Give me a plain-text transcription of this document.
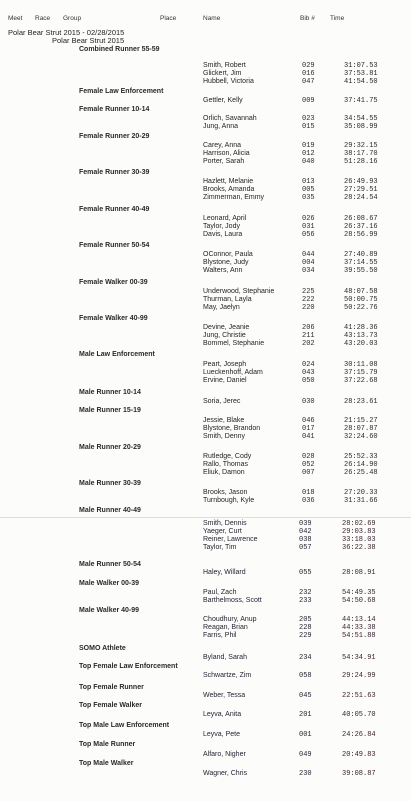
Meet Race Group	Place	Name	Bib # Time
Polar Bear Strut 2015 - 02/28/2015
Polar Bear Strut 2015
Combined Runner 55-59
Smith, Robert	029	31:07.53
Glickert, Jim	016	37:53.81
Hubbell, Victoria	047	41:54.50
Female Law Enforcement
Gettler, Kelly	009	37:41.75
Female Runner 10-14
Orlich, Savannah	023	34:54.55
Jung, Anna	015	35:08.99
Female Runner 20-29
Carey, Anna	019	29:32.15
Harrison, Alicia	012	38:17.70
Porter, Sarah	040	51:28.16
Female Runner 30-39
Hazlett, Melanie	013	26:49.93
Brooks, Amanda	005	27:29.51
Zimmerman, Emmy	035	28:24.54
Female Runner 40-49
Leonard, April	026	26:08.67
Taylor, Jody	031	26:37.16
Davis, Laura	056	28:56.99
Female Runner 50-54
OConnor, Paula	044	27:40.89
Blystone, Judy	004	37:14.55
Walters, Ann	034	39:55.50
Female Walker 00-39
Underwood, Stephanie	225	48:07.58
Thurman, Layla	222	50:00.75
May, Jaelyn	220	50:22.76
Female Walker 40-99
Devine, Jeanie	206	41:28.36
Jung, Christie	211	43:13.73
Bommel, Stephanie	202	43:20.03
Male Law Enforcement
Peart, Joseph	024	30:11.08
Lueckenhoff, Adam	043	37:15.79
Ervine, Daniel	050	37:22.68
Male Runner 10-14
Soria, Jerec	030	28:23.61
Male Runner 15-19
Jessie, Blake	046	21:15.27
Blystone, Brandon	017	28:07.87
Smith, Denny	041	32:24.60
Male Runner 20-29
Rutledge, Cody	028	25:52.33
Rallo, Thomas	052	26:14.90
Eliuk, Damon	007	26:25.48
Male Runner 30-39
Brooks, Jason	018	27:20.33
Turnbough, Kyle	036	31:31.66
Male Runner 40-49
Smith, Dennis	039	28:02.69
Yaeger, Curt	042	29:03.83
Reiner, Lawrence	038	33:18.03
Taylor, Tim	057	36:22.38
Male Runner 50-54
Haley, Willard	055	28:08.91
Male Walker 00-39
Paul, Zach	232	54:49.35
Barthelmoss, Scott	233	54:50.68
Male Walker 40-99
Choudhury, Anup	205	44:13.14
Reagan, Brian	228	44:33.38
Farris, Phil	229	54:51.88
SOMO Athlete
Byland, Sarah	234	54:34.91
Top Female Law Enforcement
Schwartze, Zim	058	29:24.99
Top Female Runner
Weber, Tessa	045	22:51.63
Top Female Walker
Leyva, Anita	201	40:05.70
Top Male Law Enforcement
Leyva, Pete	001	24:26.84
Top Male Runner
Alfaro, Nigher	049	20:49.83
Top Male Walker
Wagner, Chris	230	39:08.87
